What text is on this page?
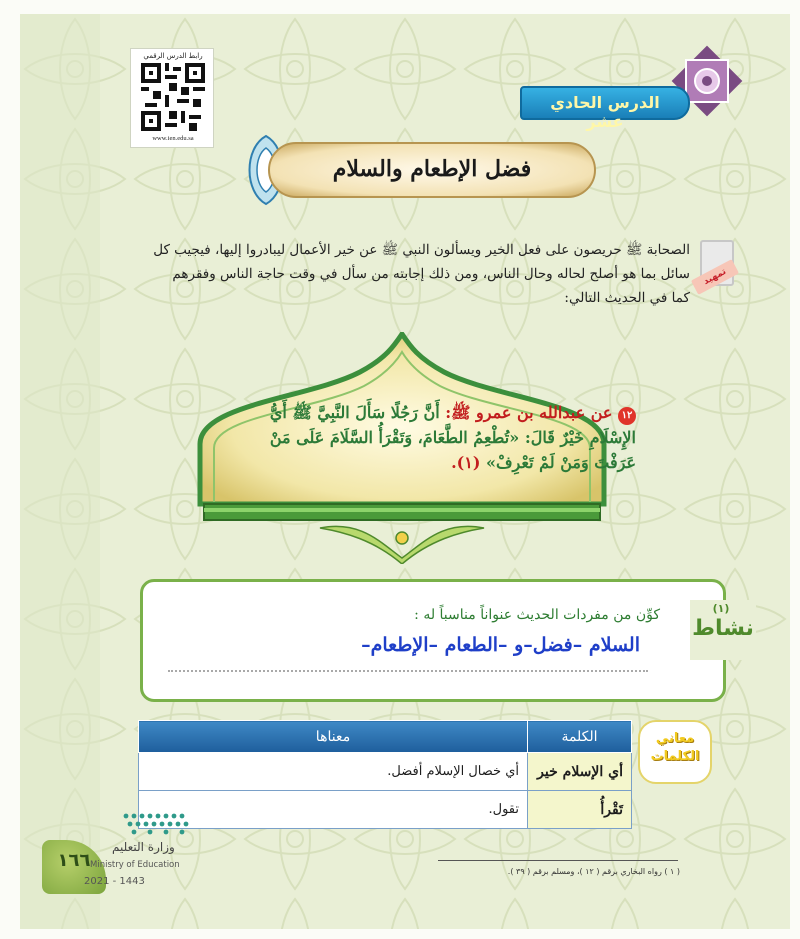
رابط الدرس الرقمي
www.ien.edu.sa
الدرس الحادي عشر
فضل الإطعام والسلام
تمهيد
الصحابة ﷺ حريصون على فعل الخير ويسألون النبي ﷺ عن خير الأعمال ليبادروا إليها، فيجيب كل سائل بما هو أصلح لحاله وحال الناس، ومن ذلك إجابته من سأل في وقت حاجة الناس وفقرهم كما في الحديث التالي:
١٢ عن عبدالله بن عمرو ﷺ: أَنَّ رَجُلًا سَأَلَ النَّبِيَّ ﷺ أَيُّ الإِسْلَامِ خَيْرٌ قَالَ: «تُطْعِمُ الطَّعَامَ، وَتَقْرَأُ السَّلَامَ عَلَى مَنْ عَرَفْتَ وَمَنْ لَمْ تَعْرِفْ» (١).
(١)
نشاط
كوِّن من مفردات الحديث عنواناً مناسباً له :
السلام –فضل–و –الطعام –الإطعام–
معاني
الكلمات
الكلمة	معناها
أي الإسلام خير	أي خصال الإسلام أفضل.
تَقْرأُ	تقول.
( ١ ) رواه البخاري برقم ( ١٢ )، ومسلم برقم ( ٣٩ ).
١٦٦
وزارة التعليم
Ministry of Education
2021 - 1443
